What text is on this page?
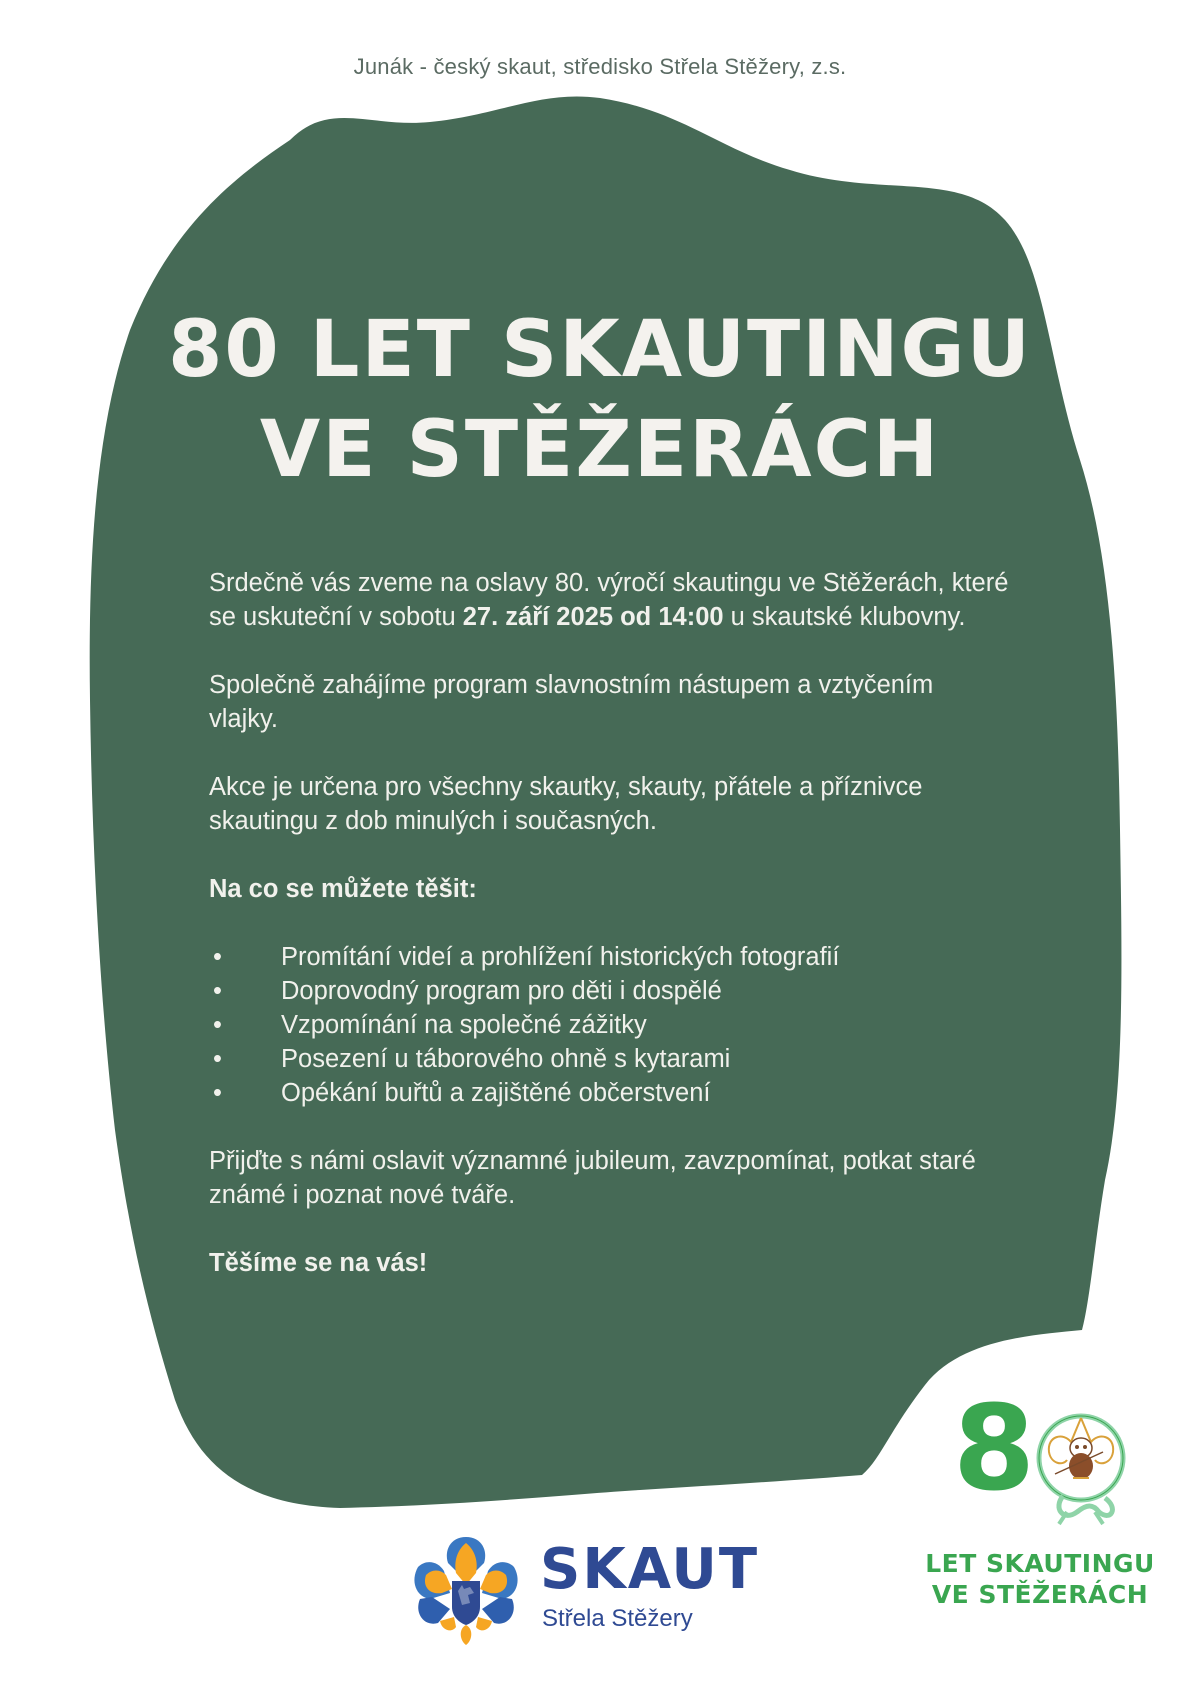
Junák - český skaut, středisko Střela Stěžery, z.s.
80 LET SKAUTINGU
VE STĚŽERÁCH

Srdečně vás zveme na oslavy 80. výročí skautingu ve Stěžerách, které se uskuteční v sobotu 27. září 2025 od 14:00 u skautské klubovny.

Společně zahájíme program slavnostním nástupem a vztyčením vlajky.

Akce je určena pro všechny skautky, skauty, přátele a příznivce skautingu z dob minulých i současných.

Na co se můžete těšit:

• Promítání videí a prohlížení historických fotografií
• Doprovodný program pro děti i dospělé
• Vzpomínání na společné zážitky
• Posezení u táborového ohně s kytarami
• Opékání buřtů a zajištěné občerstvení

Přijďte s námi oslavit významné jubileum, zavzpomínat, potkat staré známé i poznat nové tváře.

Těšíme se na vás!

SKAUT
Střela Stěžery
8
LET SKAUTINGU
VE STĚŽERÁCH
